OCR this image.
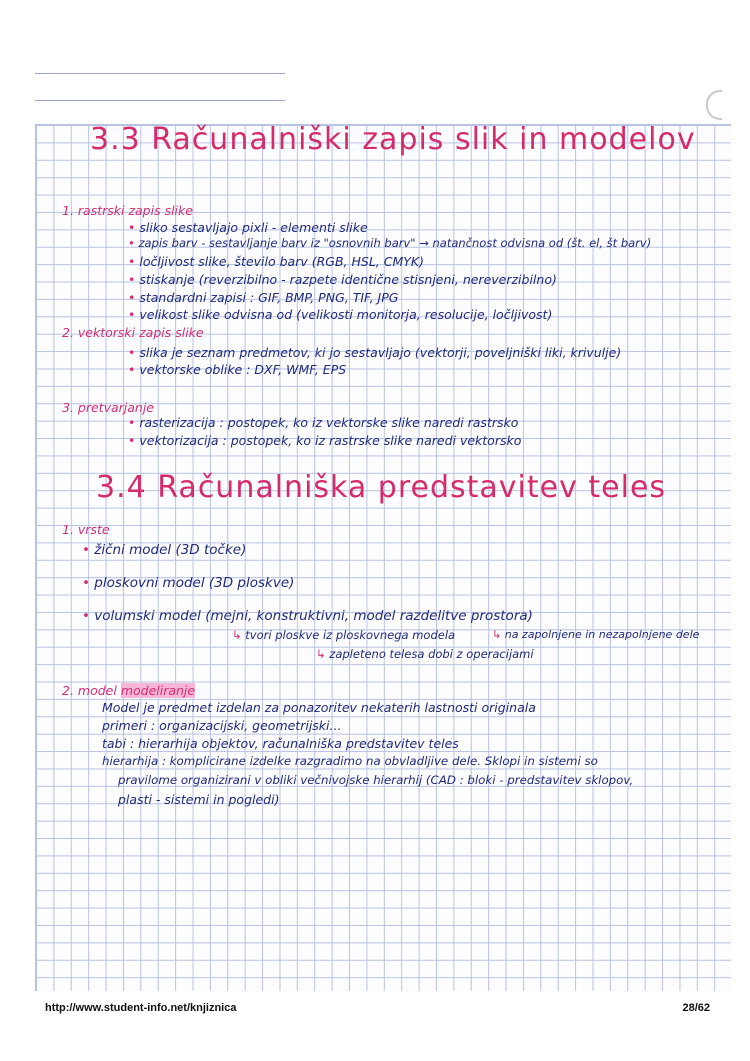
3.3 Računalniški zapis slik in modelov
1. rastrski zapis slike
• sliko sestavljajo pixli - elementi slike
• zapis barv - sestavljanje barv iz "osnovnih barv" → natančnost odvisna od (št. el, št barv)
• ločljivost slike, število barv (RGB, HSL, CMYK)
• stiskanje (reverzibilno - razpete identične stisnjeni, nereverzibilno)
• standardni zapisi : GIF, BMP, PNG, TIF, JPG
• velikost slike odvisna od (velikosti monitorja, resolucije, ločljivost)
2. vektorski zapis slike
• slika je seznam predmetov, ki jo sestavljajo (vektorji, poveljniški liki, krivulje)
• vektorske oblike : DXF, WMF, EPS
3. pretvarjanje
• rasterizacija : postopek, ko iz vektorske slike naredi rastrsko
• vektorizacija : postopek, ko iz rastrske slike naredi vektorsko
3.4 Računalniška predstavitev teles
1. vrste
• žični model (3D točke)
• ploskovni model (3D ploskve)
• volumski model (mejni, konstruktivni, model razdelitve prostora)
↳ tvori ploskve iz ploskovnega modela
↳ zapleteno telesa dobi z operacijami
↳ na zapolnjene in nezapolnjene dele
2. model modeliranje
Model je predmet izdelan za ponazoritev nekaterih lastnosti originala
primeri : organizacijski, geometrijski...
tabi : hierarhija objektov, računalniška predstavitev teles
hierarhija : komplicirane izdelke razgradimo na obvladljive dele. Sklopi in sistemi so
pravilome organizirani v obliki večnivojske hierarhij (CAD : bloki - predstavitev sklopov,
plasti - sistemi in pogledi)
http://www.student-info.net/knjiznica	28/62
